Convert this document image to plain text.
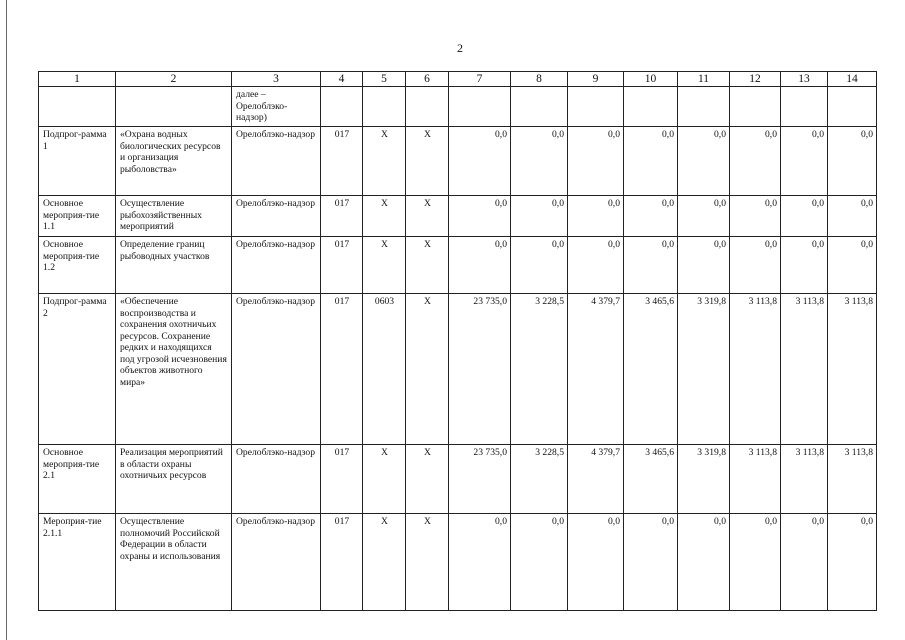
2
1	2	3	4	5	6	7	8	9	10	11	12	13	14
		далее – Орелоблэко-надзор)											
Подпрог-рамма 1	«Охрана водных биологических ресурсов и организация рыболовства»	Орелоблэко-надзор	017	Х	Х	0,0	0,0	0,0	0,0	0,0	0,0	0,0	0,0
Основное мероприя-тие 1.1	Осуществление рыбохозяйственных мероприятий	Орелоблэко-надзор	017	Х	Х	0,0	0,0	0,0	0,0	0,0	0,0	0,0	0,0
Основное мероприя-тие 1.2	Определение границ рыбоводных участков	Орелоблэко-надзор	017	Х	Х	0,0	0,0	0,0	0,0	0,0	0,0	0,0	0,0
Подпрог-рамма 2	«Обеспечение воспроизводства и сохранения охотничьих ресурсов. Сохранение редких и находящихся под угрозой исчезновения объектов животного мира»	Орелоблэко-надзор	017	0603	Х	23 735,0	3 228,5	4 379,7	3 465,6	3 319,8	3 113,8	3 113,8	3 113,8
Основное мероприя-тие 2.1	Реализация мероприятий в области охраны охотничьих ресурсов	Орелоблэко-надзор	017	Х	Х	23 735,0	3 228,5	4 379,7	3 465,6	3 319,8	3 113,8	3 113,8	3 113,8
Мероприя-тие 2.1.1	Осуществление полномочий Российской Федерации в области охраны и использования	Орелоблэко-надзор	017	Х	Х	0,0	0,0	0,0	0,0	0,0	0,0	0,0	0,0
